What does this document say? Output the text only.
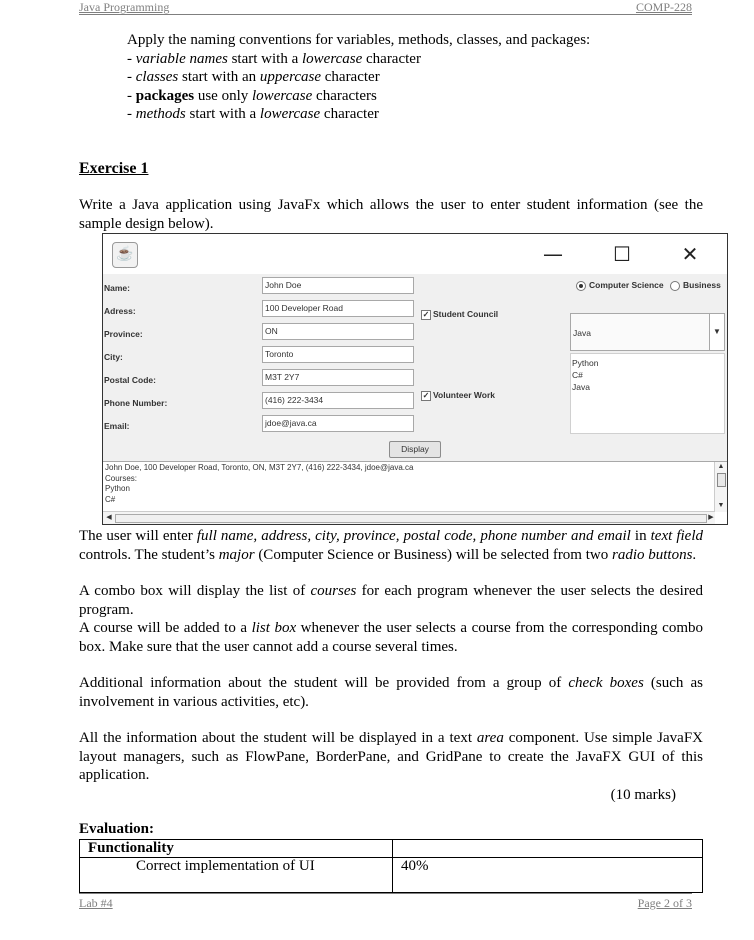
Java Programming	COMP-228
Apply the naming conventions for variables, methods, classes, and packages:
- variable names start with a lowercase character
- classes start with an uppercase character
- packages use only lowercase characters
- methods start with a lowercase character
Exercise 1
Write a Java application using JavaFx which allows the user to enter student information (see the sample design below).
☕	—	☐	✕
Name:	John Doe
Adress:	100 Developer Road
Province:	ON
City:	Toronto
Postal Code:	M3T 2Y7
Phone Number:	(416) 222-3434
Email:	jdoe@java.ca
✓ Student Council
✓ Volunteer Work
Computer Science	Business
Java	▼
Python
C#
Java
Display
John Doe, 100 Developer Road, Toronto, ON, M3T 2Y7, (416) 222-3434, jdoe@java.ca
Courses:
Python
C#
▲
▼
◀	▶
The user will enter full name, address, city, province, postal code, phone number and email in text field controls. The student’s major (Computer Science or Business) will be selected from two radio buttons.
A combo box will display the list of courses for each program whenever the user selects the desired program.
A course will be added to a list box whenever the user selects a course from the corresponding combo box. Make sure that the user cannot add a course several times.
Additional information about the student will be provided from a group of check boxes (such as involvement in various activities, etc).
All the information about the student will be displayed in a text area component. Use simple JavaFX layout managers, such as FlowPane, BorderPane, and GridPane to create the JavaFX GUI of this application.
(10 marks)
Evaluation:
Functionality	
Correct implementation of UI	40%
Lab #4	Page 2 of 3
